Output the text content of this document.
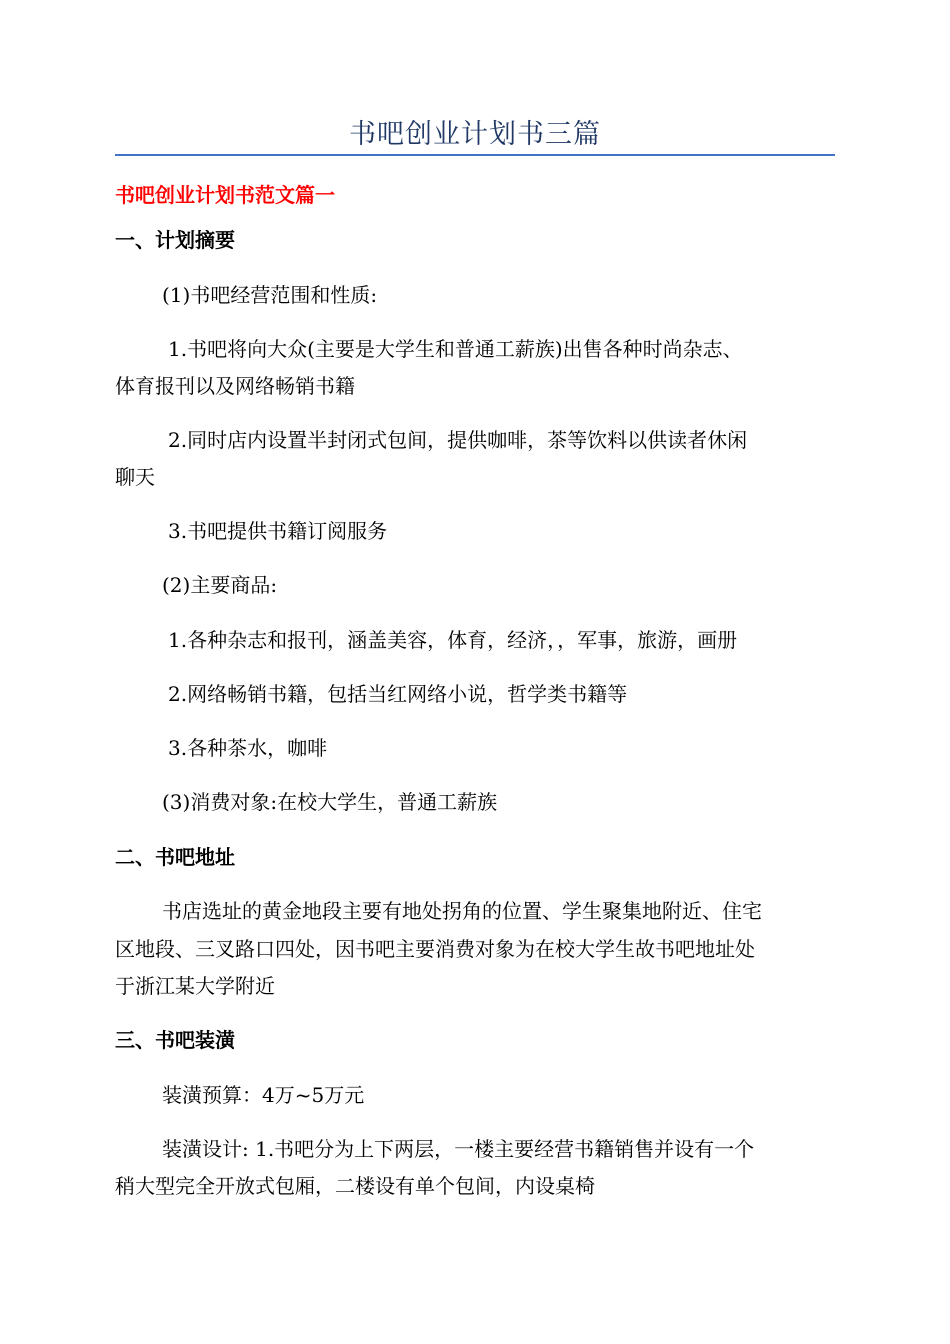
书吧创业计划书三篇
书吧创业计划书范文篇一
一、计划摘要
(1)书吧经营范围和性质:
1.书吧将向大众(主要是大学生和普通工薪族)出售各种时尚杂志、
体育报刊以及网络畅销书籍
2.同时店内设置半封闭式包间，提供咖啡，茶等饮料以供读者休闲
聊天
3.书吧提供书籍订阅服务
(2)主要商品:
1.各种杂志和报刊，涵盖美容，体育，经济，，军事，旅游，画册
2.网络畅销书籍，包括当红网络小说，哲学类书籍等
3.各种茶水，咖啡
(3)消费对象:在校大学生，普通工薪族
二、书吧地址
书店选址的黄金地段主要有地处拐角的位置、学生聚集地附近、住宅
区地段、三叉路口四处，因书吧主要消费对象为在校大学生故书吧地址处
于浙江某大学附近
三、书吧装潢
装潢预算：4万~5万元
装潢设计: 1.书吧分为上下两层，一楼主要经营书籍销售并设有一个
稍大型完全开放式包厢，二楼设有单个包间，内设桌椅
